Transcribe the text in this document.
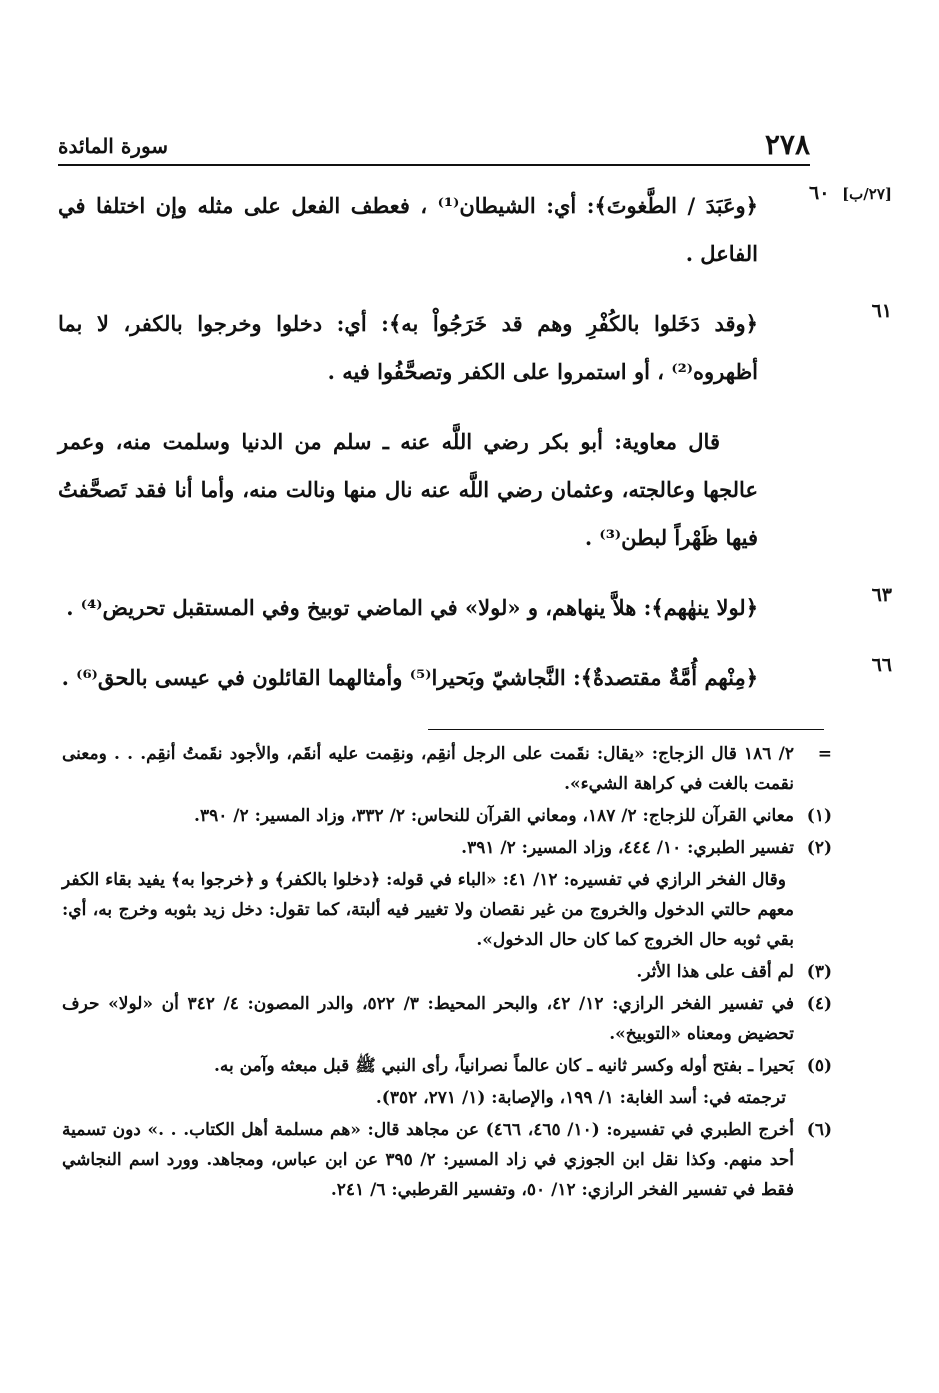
٢٧٨
سورة المائدة
[٢٧/ب] ٦٠
﴿وعَبَدَ / الطَّغوتَ﴾: أي: الشيطان⁽¹⁾ ، فعطف الفعل على مثله وإن اختلفا في الفاعل .
٦١
﴿وقد دَخَلوا بالكُفْرِ وهم قد خَرَجُواْ به﴾: أي: دخلوا وخرجوا بالكفر، لا بما أظهروه⁽²⁾ ، أو استمروا على الكفر وتصحَّفُوا فيه .
قال معاوية: أبو بكر رضي اللَّه عنه ـ سلم من الدنيا وسلمت منه، وعمر عالجها وعالجته، وعثمان رضي اللَّه عنه نال منها ونالت منه، وأما أنا فقد تَصحَّفتُ فيها ظَهْراً لبطن⁽³⁾ .
٦٣
﴿لولا ينهٰهم﴾: هلاَّ ينهاهم، و «لولا» في الماضي توبيخ وفي المستقبل تحريض⁽⁴⁾ .
٦٦
﴿مِنْهم أُمَّةٌ مقتصدةٌ﴾: النَّجاشيّ وبَحيرا⁽⁵⁾ وأمثالهما القائلون في عيسى بالحق⁽⁶⁾ .
=
٢/ ١٨٦ قال الزجاج: «يقال: نقَمت على الرجل أنقِم، ونقِمت عليه أنقَم، والأجود نقَمتُ أنقِم. . . ومعنى نقمت بالغت في كراهة الشيء».
(١)
معاني القرآن للزجاج: ٢/ ١٨٧، ومعاني القرآن للنحاس: ٢/ ٣٣٢، وزاد المسير: ٢/ ٣٩٠.
(٢)
تفسير الطبري: ١٠/ ٤٤٤، وزاد المسير: ٢/ ٣٩١.
وقال الفخر الرازي في تفسيره: ١٢/ ٤١: «الباء في قوله: ﴿دخلوا بالكفر﴾ و ﴿خرجوا به﴾ يفيد بقاء الكفر معهم حالتي الدخول والخروج من غير نقصان ولا تغيير فيه ألبتة، كما تقول: دخل زيد بثوبه وخرج به، أي: بقي ثوبه حال الخروج كما كان حال الدخول».
(٣)
لم أقف على هذا الأثر.
(٤)
في تفسير الفخر الرازي: ١٢/ ٤٢، والبحر المحيط: ٣/ ٥٢٢، والدر المصون: ٤/ ٣٤٢ أن «لولا» حرف تحضيض ومعناه «التوبيخ».
(٥)
بَحيرا ـ بفتح أوله وكسر ثانيه ـ كان عالماً نصرانياً، رأى النبي ﷺ قبل مبعثه وآمن به.
ترجمته في: أسد الغابة: ١/ ١٩٩، والإصابة: (١/ ٢٧١، ٣٥٢).
(٦)
أخرج الطبري في تفسيره: (١٠/ ٤٦٥، ٤٦٦) عن مجاهد قال: «هم مسلمة أهل الكتاب. . .» دون تسمية أحد منهم. وكذا نقل ابن الجوزي في زاد المسير: ٢/ ٣٩٥ عن ابن عباس، ومجاهد. وورد اسم النجاشي فقط في تفسير الفخر الرازي: ١٢/ ٥٠، وتفسير القرطبي: ٦/ ٢٤١.
